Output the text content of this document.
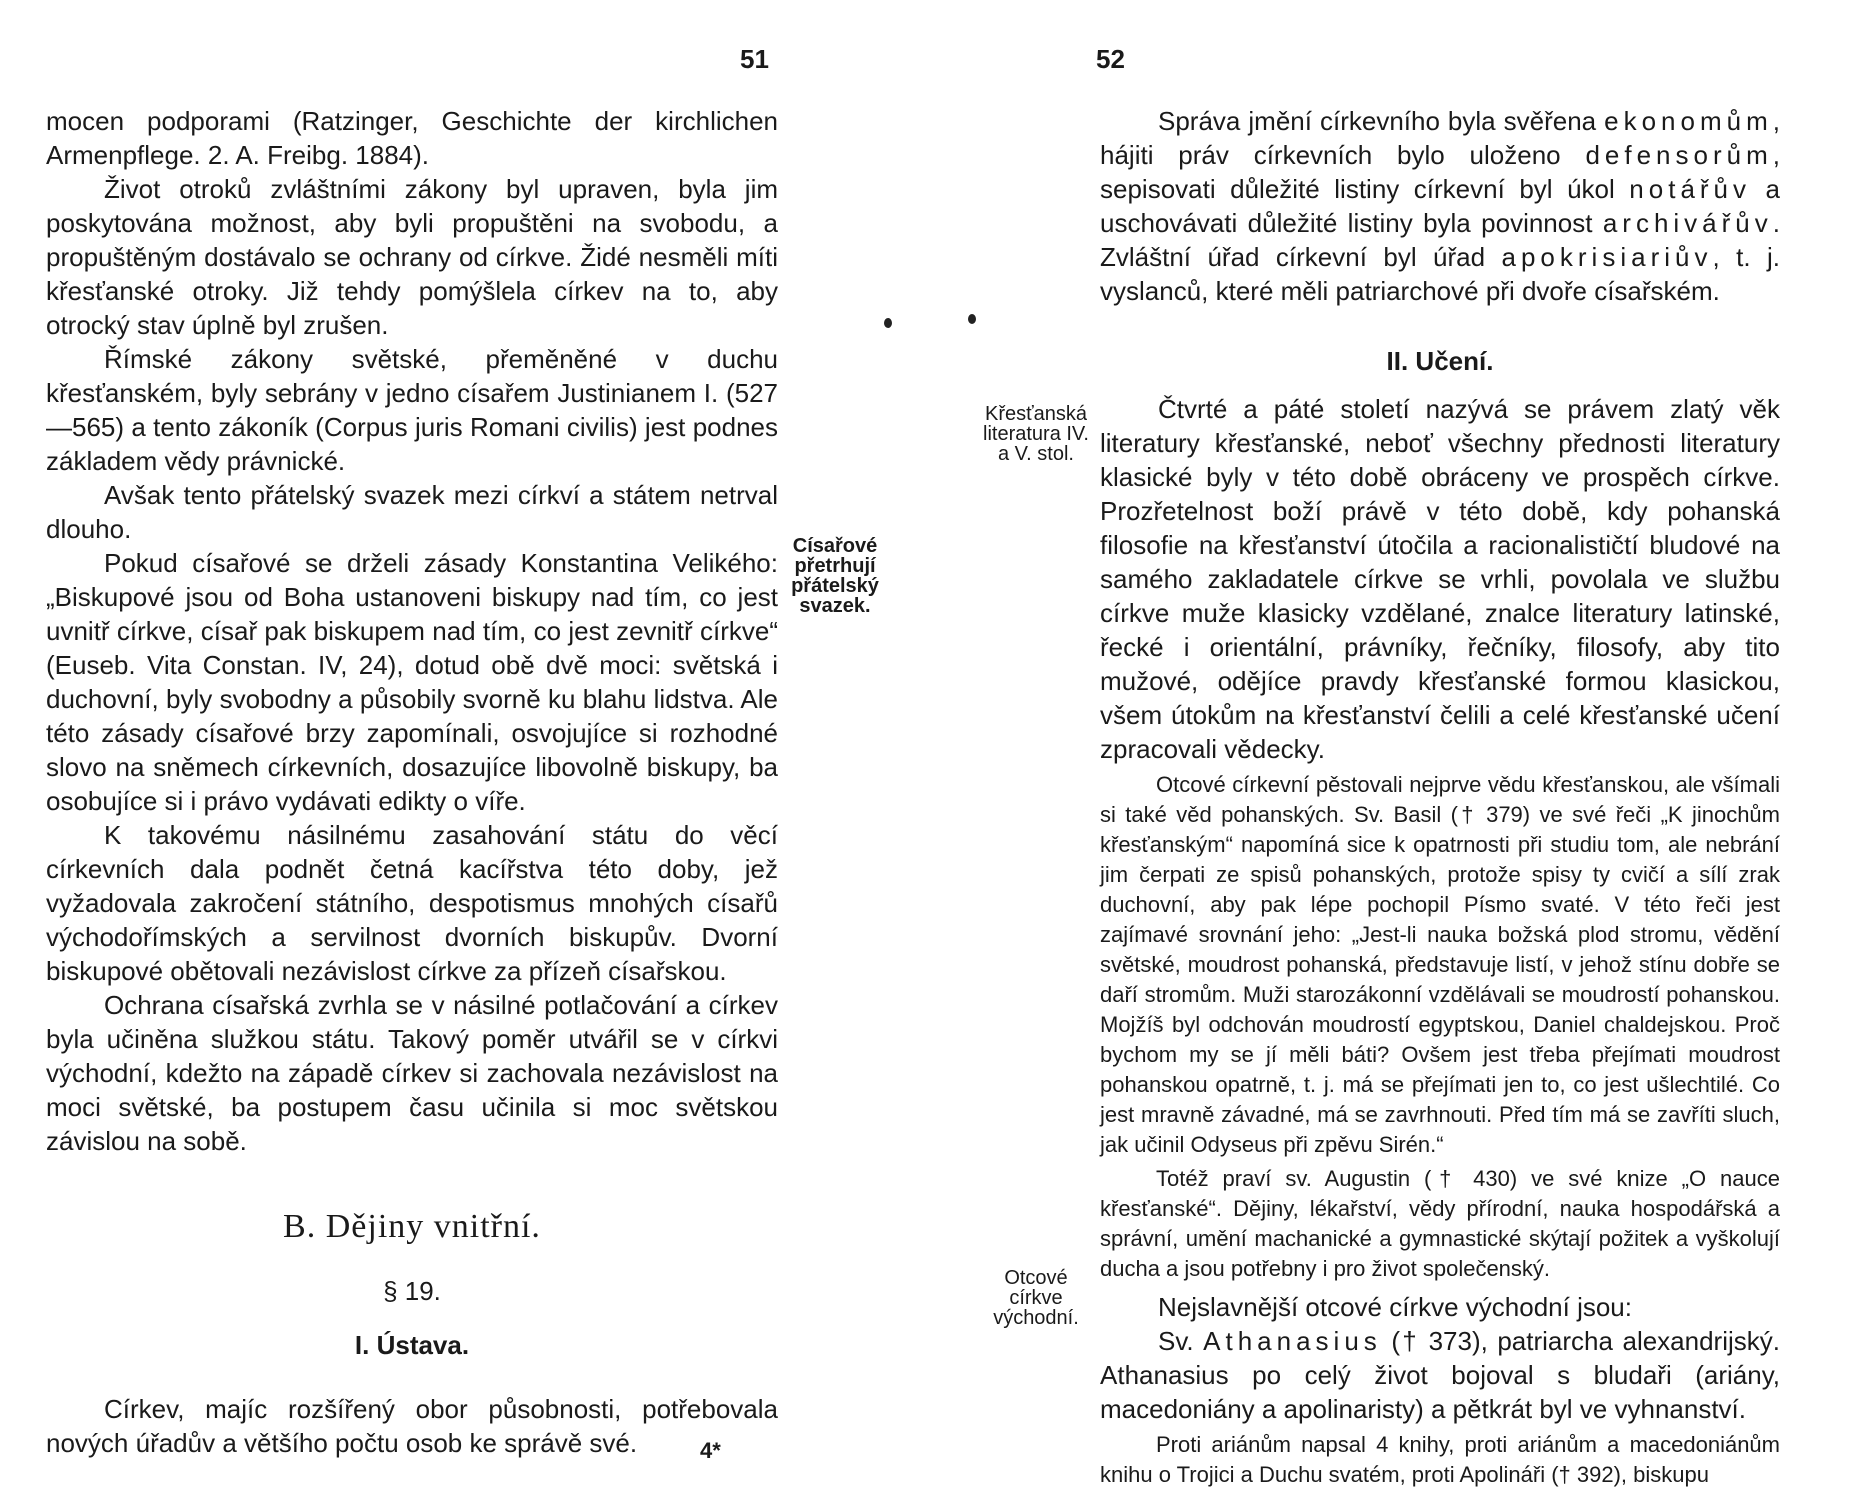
51

mocen podporami (Ratzinger, Geschichte der kirchlichen Armenpflege. 2. A. Freibg. 1884).

Život otroků zvláštními zákony byl upraven, byla jim poskytována možnost, aby byli propuštěni na svobodu, a propuštěným dostávalo se ochrany od církve. Židé nesměli míti křesťanské otroky. Již tehdy pomýšlela církev na to, aby otrocký stav úplně byl zrušen.

Římské zákony světské, přeměněné v duchu křesťanském, byly sebrány v jedno císařem Justinianem I. (527—565) a tento zákoník (Corpus juris Romani civilis) jest podnes základem vědy právnické.

Avšak tento přátelský svazek mezi církví a státem netrval dlouho.

Pokud císařové se drželi zásady Konstantina Velikého: „Biskupové jsou od Boha ustanoveni biskupy nad tím, co jest uvnitř církve, císař pak biskupem nad tím, co jest zevnitř církve“ (Euseb. Vita Constan. IV, 24), dotud obě dvě moci: světská i duchovní, byly svobodny a působily svorně ku blahu lidstva. Ale této zásady císařové brzy zapomínali, osvojujíce si rozhodné slovo na sněmech církevních, dosazujíce libovolně biskupy, ba osobujíce si i právo vydávati edikty o víře.

K takovému násilnému zasahování státu do věcí církevních dala podnět četná kacířstva této doby, jež vyžadovala zakročení státního, despotismus mnohých císařů východořímských a servilnost dvorních biskupův. Dvorní biskupové obětovali nezávislost církve za přízeň císařskou.

Ochrana císařská zvrhla se v násilné potlačování a církev byla učiněna služkou státu. Takový poměr utvářil se v církvi východní, kdežto na západě církev si zachovala nezávislost na moci světské, ba postupem času učinila si moc světskou závislou na sobě.

B. Dějiny vnitřní.
§ 19.
I. Ústava.

Církev, majíc rozšířený obor působnosti, potřebovala nových úřadův a většího počtu osob ke správě své.

Císařové přetrhují přátelský svazek.
4*
52

Správa jmění církevního byla svěřena ekonomům, hájiti práv církevních bylo uloženo defensorům, sepisovati důležité listiny církevní byl úkol notářův a uschovávati důležité listiny byla povinnost archivářův. Zvláštní úřad církevní byl úřad apokrisiariův, t. j. vyslanců, které měli patriarchové při dvoře císařském.

II. Učení.

Čtvrté a páté století nazývá se právem zlatý věk literatury křesťanské, neboť všechny přednosti literatury klasické byly v této době obráceny ve prospěch církve. Prozřetelnost boží právě v této době, kdy pohanská filosofie na křesťanství útočila a racionalističtí bludové na samého zakladatele církve se vrhli, povolala ve službu církve muže klasicky vzdělané, znalce literatury latinské, řecké i orientální, právníky, řečníky, filosofy, aby tito mužové, odějíce pravdy křesťanské formou klasickou, všem útokům na křesťanství čelili a celé křesťanské učení zpracovali vědecky.

Otcové církevní pěstovali nejprve vědu křesťanskou, ale všímali si také věd pohanských. Sv. Basil († 379) ve své řeči „K jinochům křesťanským“ napomíná sice k opatrnosti při studiu tom, ale nebrání jim čerpati ze spisů pohanských, protože spisy ty cvičí a sílí zrak duchovní, aby pak lépe pochopil Písmo svaté. V této řeči jest zajímavé srovnání jeho: „Jest-li nauka božská plod stromu, vědění světské, moudrost pohanská, představuje listí, v jehož stínu dobře se daří stromům. Muži starozákonní vzdělávali se moudrostí pohanskou. Mojžíš byl odchován moudrostí egyptskou, Daniel chaldejskou. Proč bychom my se jí měli báti? Ovšem jest třeba přejímati moudrost pohanskou opatrně, t. j. má se přejímati jen to, co jest ušlechtilé. Co jest mravně závadné, má se zavrhnouti. Před tím má se zavříti sluch, jak učinil Odyseus při zpěvu Sirén.“

Totéž praví sv. Augustin († 430) ve své knize „O nauce křesťanské“. Dějiny, lékařství, vědy přírodní, nauka hospodářská a správní, umění machanické a gymnastické skýtají požitek a vyškolují ducha a jsou potřebny i pro život společenský.

Nejslavnější otcové církve východní jsou:

Sv. Athanasius († 373), patriarcha alexandrijský. Athanasius po celý život bojoval s bludaři (ariány, macedoniány a apolinaristy) a pětkrát byl ve vyhnanství.

Proti ariánům napsal 4 knihy, proti ariánům a macedoniánům knihu o Trojici a Duchu svatém, proti Apolináři († 392), biskupu

Křesťanská literatura IV. a V. stol.
Otcové církve východní.
